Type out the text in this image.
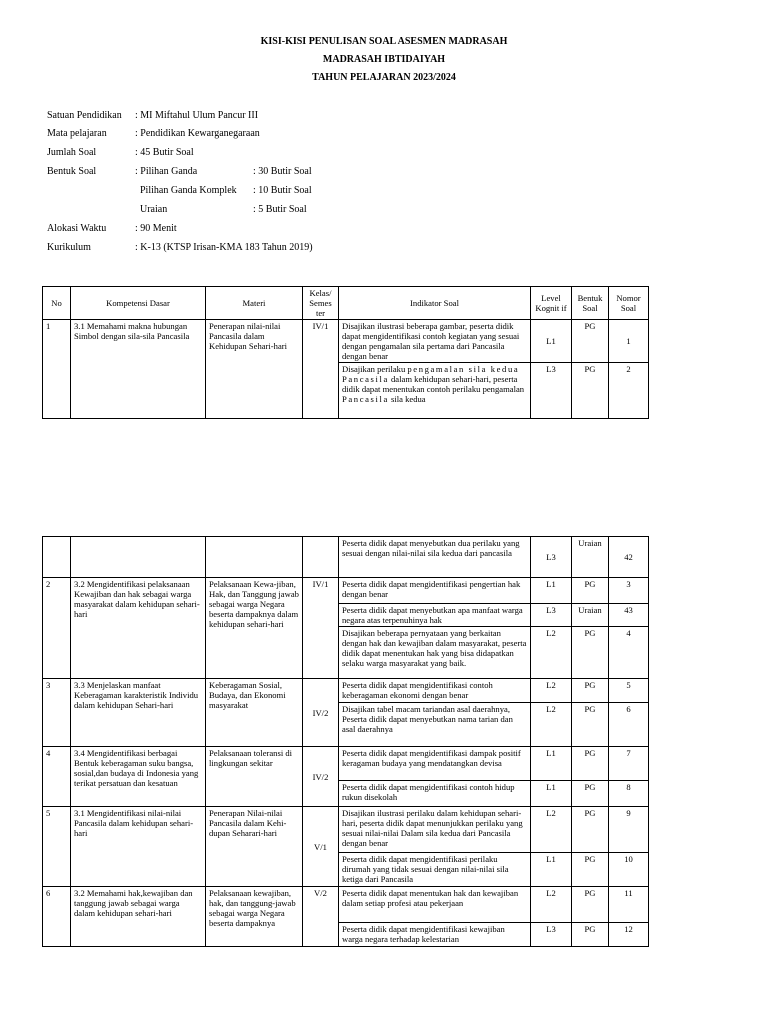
KISI-KISI PENULISAN SOAL ASESMEN MADRASAH
MADRASAH IBTIDAIYAH
TAHUN PELAJARAN 2023/2024
Satuan Pendidikan	: MI Miftahul Ulum Pancur III
Mata pelajaran	: Pendidikan Kewarganegaraan
Jumlah Soal	: 45 Butir Soal
Bentuk Soal	: Pilihan Ganda	: 30 Butir Soal
Pilihan Ganda Komplek : 10 Butir Soal
Uraian	: 5 Butir Soal
Alokasi Waktu	: 90 Menit
Kurikulum	: K-13 (KTSP Irisan-KMA 183 Tahun 2019)
No	Kompetensi Dasar	Materi	Kelas/ Semes ter	Indikator Soal	Level Kognit if	Bentuk Soal	Nomor Soal
1	3.1 Memahami makna hubungan Simbol dengan sila-sila Pancasila	Penerapan nilai-nilai Pancasila dalam Kehidupan Sehari-hari	IV/1	Disajikan ilustrasi beberapa gambar, peserta didik dapat mengidentifikasi contoh kegiatan yang sesuai dengan pengamalan sila pertama dari Pancasila dengan benar	L1	PG	1
				Disajikan perilaku pengamalan sila kedua Pancasila dalam kehidupan sehari-hari, peserta didik dapat menentukan contoh perilaku pengamalan Pancasila sila kedua	L3	PG	2
				Peserta didik dapat menyebutkan dua perilaku yang sesuai dengan nilai-nilai sila kedua dari pancasila	L3	Uraian	42
2	3.2 Mengidentifikasi pelaksanaan Kewajiban dan hak sebagai warga masyarakat dalam kehidupan sehari-hari	Pelaksanaan Kewa-jiban, Hak, dan Tanggung jawab sebagai warga Negara beserta dampaknya dalam kehidupan sehari-hari	IV/1	Peserta didik dapat mengidentifikasi pengertian hak dengan benar	L1	PG	3
				Peserta didik dapat menyebutkan apa manfaat warga negara atas terpenuhinya hak	L3	Uraian	43
				Disajikan beberapa pernyataan yang berkaitan dengan hak dan kewajiban dalam masyarakat, peserta didik dapat menentukan hak yang bisa didapatkan selaku warga masyarakat yang baik.	L2	PG	4
3	3.3 Menjelaskan manfaat Keberagaman karakteristik Individu dalam kehidupan Sehari-hari	Keberagaman Sosial, Budaya, dan Ekonomi masyarakat	IV/2	Peserta didik dapat mengidentifikasi contoh keberagaman ekonomi dengan benar	L2	PG	5
				Disajikan tabel macam tariandan asal daerahnya, Peserta didik dapat menyebutkan nama tarian dan asal daerahnya	L2	PG	6
4	3.4 Mengidentifikasi berbagai Bentuk keberagaman suku bangsa, sosial,dan budaya di Indonesia yang terikat persatuan dan kesatuan	Pelaksanaan toleransi di lingkungan sekitar	IV/2	Peserta didik dapat mengidentifikasi dampak positif keragaman budaya yang mendatangkan devisa	L1	PG	7
				Peserta didik dapat mengidentifikasi contoh hidup rukun disekolah	L1	PG	8
5	3.1 Mengidentifikasi nilai-nilai Pancasila dalam kehidupan sehari-hari	Penerapan Nilai-nilai Pancasila dalam Kehi-dupan Seharari-hari	V/1	Disajikan ilustrasi perilaku dalam kehidupan sehari-hari, peserta didik dapat menunjukkan perilaku yang sesuai nilai-nilai Dalam sila kedua dari Pancasila dengan benar	L2	PG	9
				Peserta didik dapat mengidentifikasi perilaku dirumah yang tidak sesuai dengan nilai-nilai sila ketiga dari Pancasila	L1	PG	10
6	3.2 Memahami hak,kewajiban dan tanggung jawab sebagai warga dalam kehidupan sehari-hari	Pelaksanaan kewajiban, hak, dan tanggung-jawab sebagai warga Negara beserta dampaknya	V/2	Peserta didik dapat menentukan hak dan kewajiban dalam setiap profesi atau pekerjaan	L2	PG	11
				Peserta didik dapat mengidentifikasi kewajiban warga negara terhadap kelestarian	L3	PG	12
